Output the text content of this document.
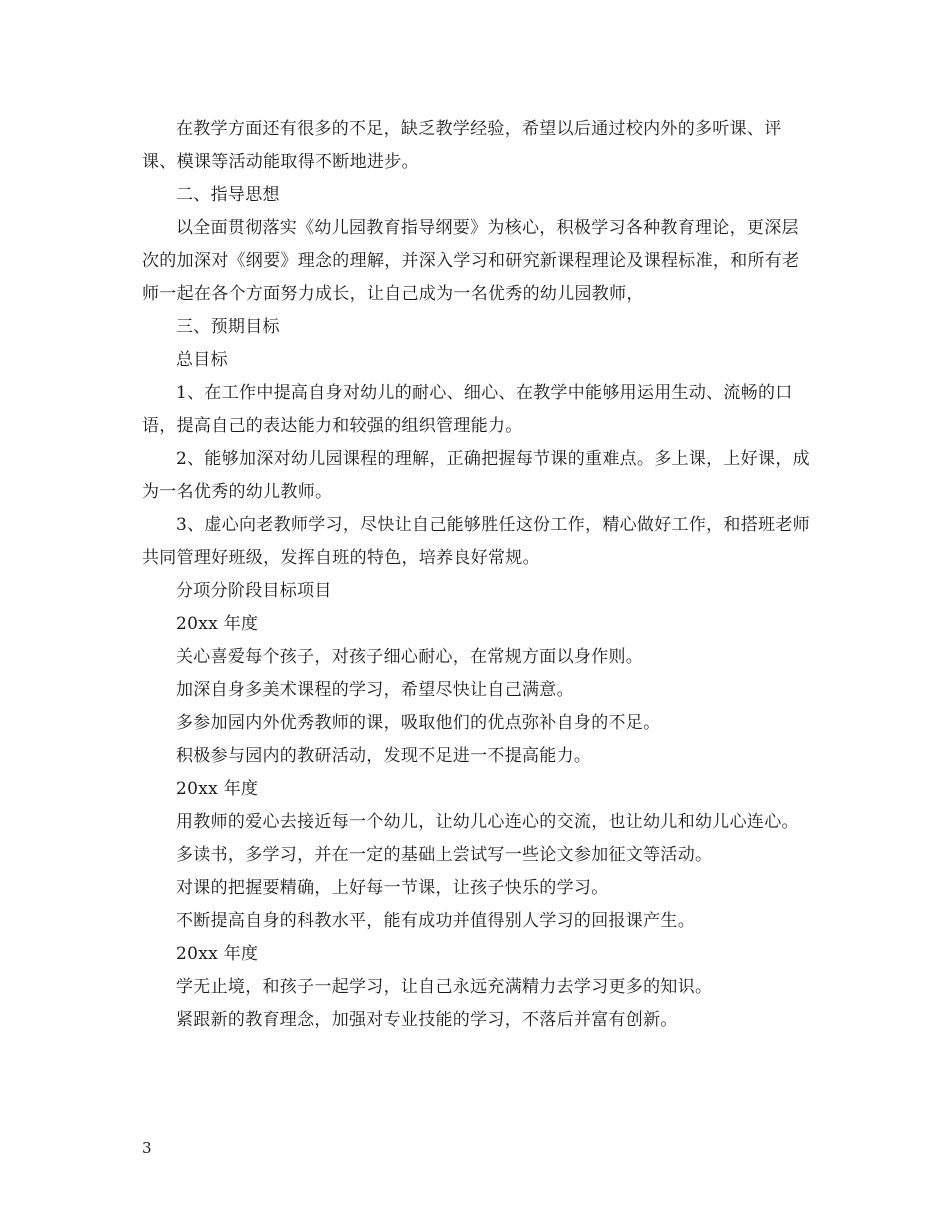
在教学方面还有很多的不足，缺乏教学经验，希望以后通过校内外的多听课、评课、模课等活动能取得不断地进步。

二、指导思想

以全面贯彻落实《幼儿园教育指导纲要》为核心，积极学习各种教育理论，更深层次的加深对《纲要》理念的理解，并深入学习和研究新课程理论及课程标准，和所有老师一起在各个方面努力成长，让自己成为一名优秀的幼儿园教师，

三、预期目标

总目标

1、在工作中提高自身对幼儿的耐心、细心、在教学中能够用运用生动、流畅的口语，提高自己的表达能力和较强的组织管理能力。

2、能够加深对幼儿园课程的理解，正确把握每节课的重难点。多上课，上好课，成为一名优秀的幼儿教师。

3、虚心向老教师学习，尽快让自己能够胜任这份工作，精心做好工作，和搭班老师共同管理好班级，发挥自班的特色，培养良好常规。

分项分阶段目标项目

20xx 年度

关心喜爱每个孩子，对孩子细心耐心，在常规方面以身作则。

加深自身多美术课程的学习，希望尽快让自己满意。

多参加园内外优秀教师的课，吸取他们的优点弥补自身的不足。

积极参与园内的教研活动，发现不足进一不提高能力。

20xx 年度

用教师的爱心去接近每一个幼儿，让幼儿心连心的交流，也让幼儿和幼儿心连心。

多读书，多学习，并在一定的基础上尝试写一些论文参加征文等活动。

对课的把握要精确，上好每一节课，让孩子快乐的学习。

不断提高自身的科教水平，能有成功并值得别人学习的回报课产生。

20xx 年度

学无止境，和孩子一起学习，让自己永远充满精力去学习更多的知识。

紧跟新的教育理念，加强对专业技能的学习，不落后并富有创新。

3
